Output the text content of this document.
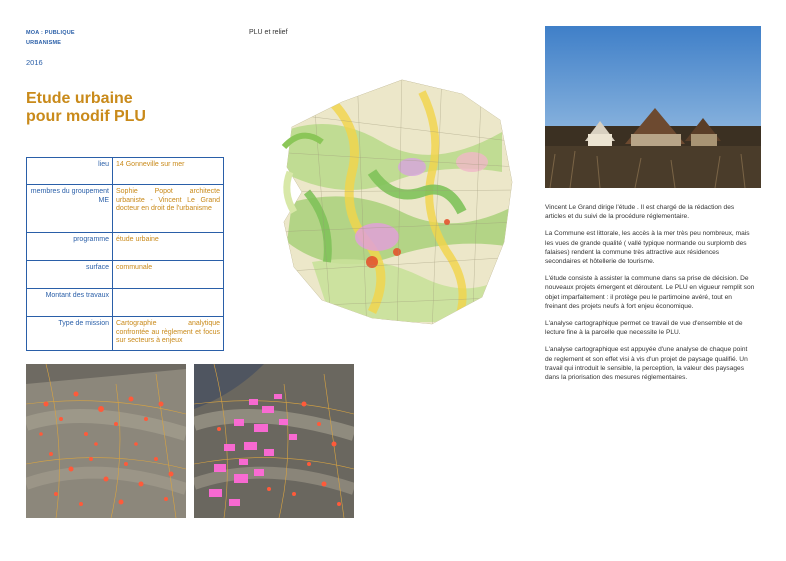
MOA : PUBLIQUE
URBANISME
2016
PLU et relief
Etude urbaine
pour modif PLU
lieu	14 Gonneville sur mer
membres du groupement ME	Sophie Popot architecte urbaniste - Vincent Le Grand docteur en droit de l'urbanisme
programme	étude urbaine
surface	communale
Montant des travaux	
Type de mission	Cartographie analytique confrontée au règlement et focus sur secteurs à enjeux

Vincent Le Grand dirige l'étude . Il est chargé de la rédaction des articles et du suivi de la procédure réglementaire.

La Commune est littorale, les accès à la mer très peu nombreux, mais les vues de grande qualité ( vallé typique normande ou surplomb des falaises) rendent la commune très attractive aux résidences secondaires et hôtellerie de tourisme.

L'étude consiste à assister la commune dans sa prise de décision. De nouveaux projets émergent et déroutent. Le PLU en vigueur remplit son objet imparfaitement : il protège peu le partimoine avéré, tout en freinant des projets neufs à fort enjeu économique.

L'analyse cartographique permet ce travail de vue d'ensemble et de lecture fine à la parcelle que necessite le PLU.

L'analyse cartographique est appuyée d'une analyse de chaque point de reglement et son effet visi à vis d'un projet de paysage qualifié. Un travail qui introduit le sensible, la perception, la valeur des paysages dans la priorisation des mesures réglementaires.
